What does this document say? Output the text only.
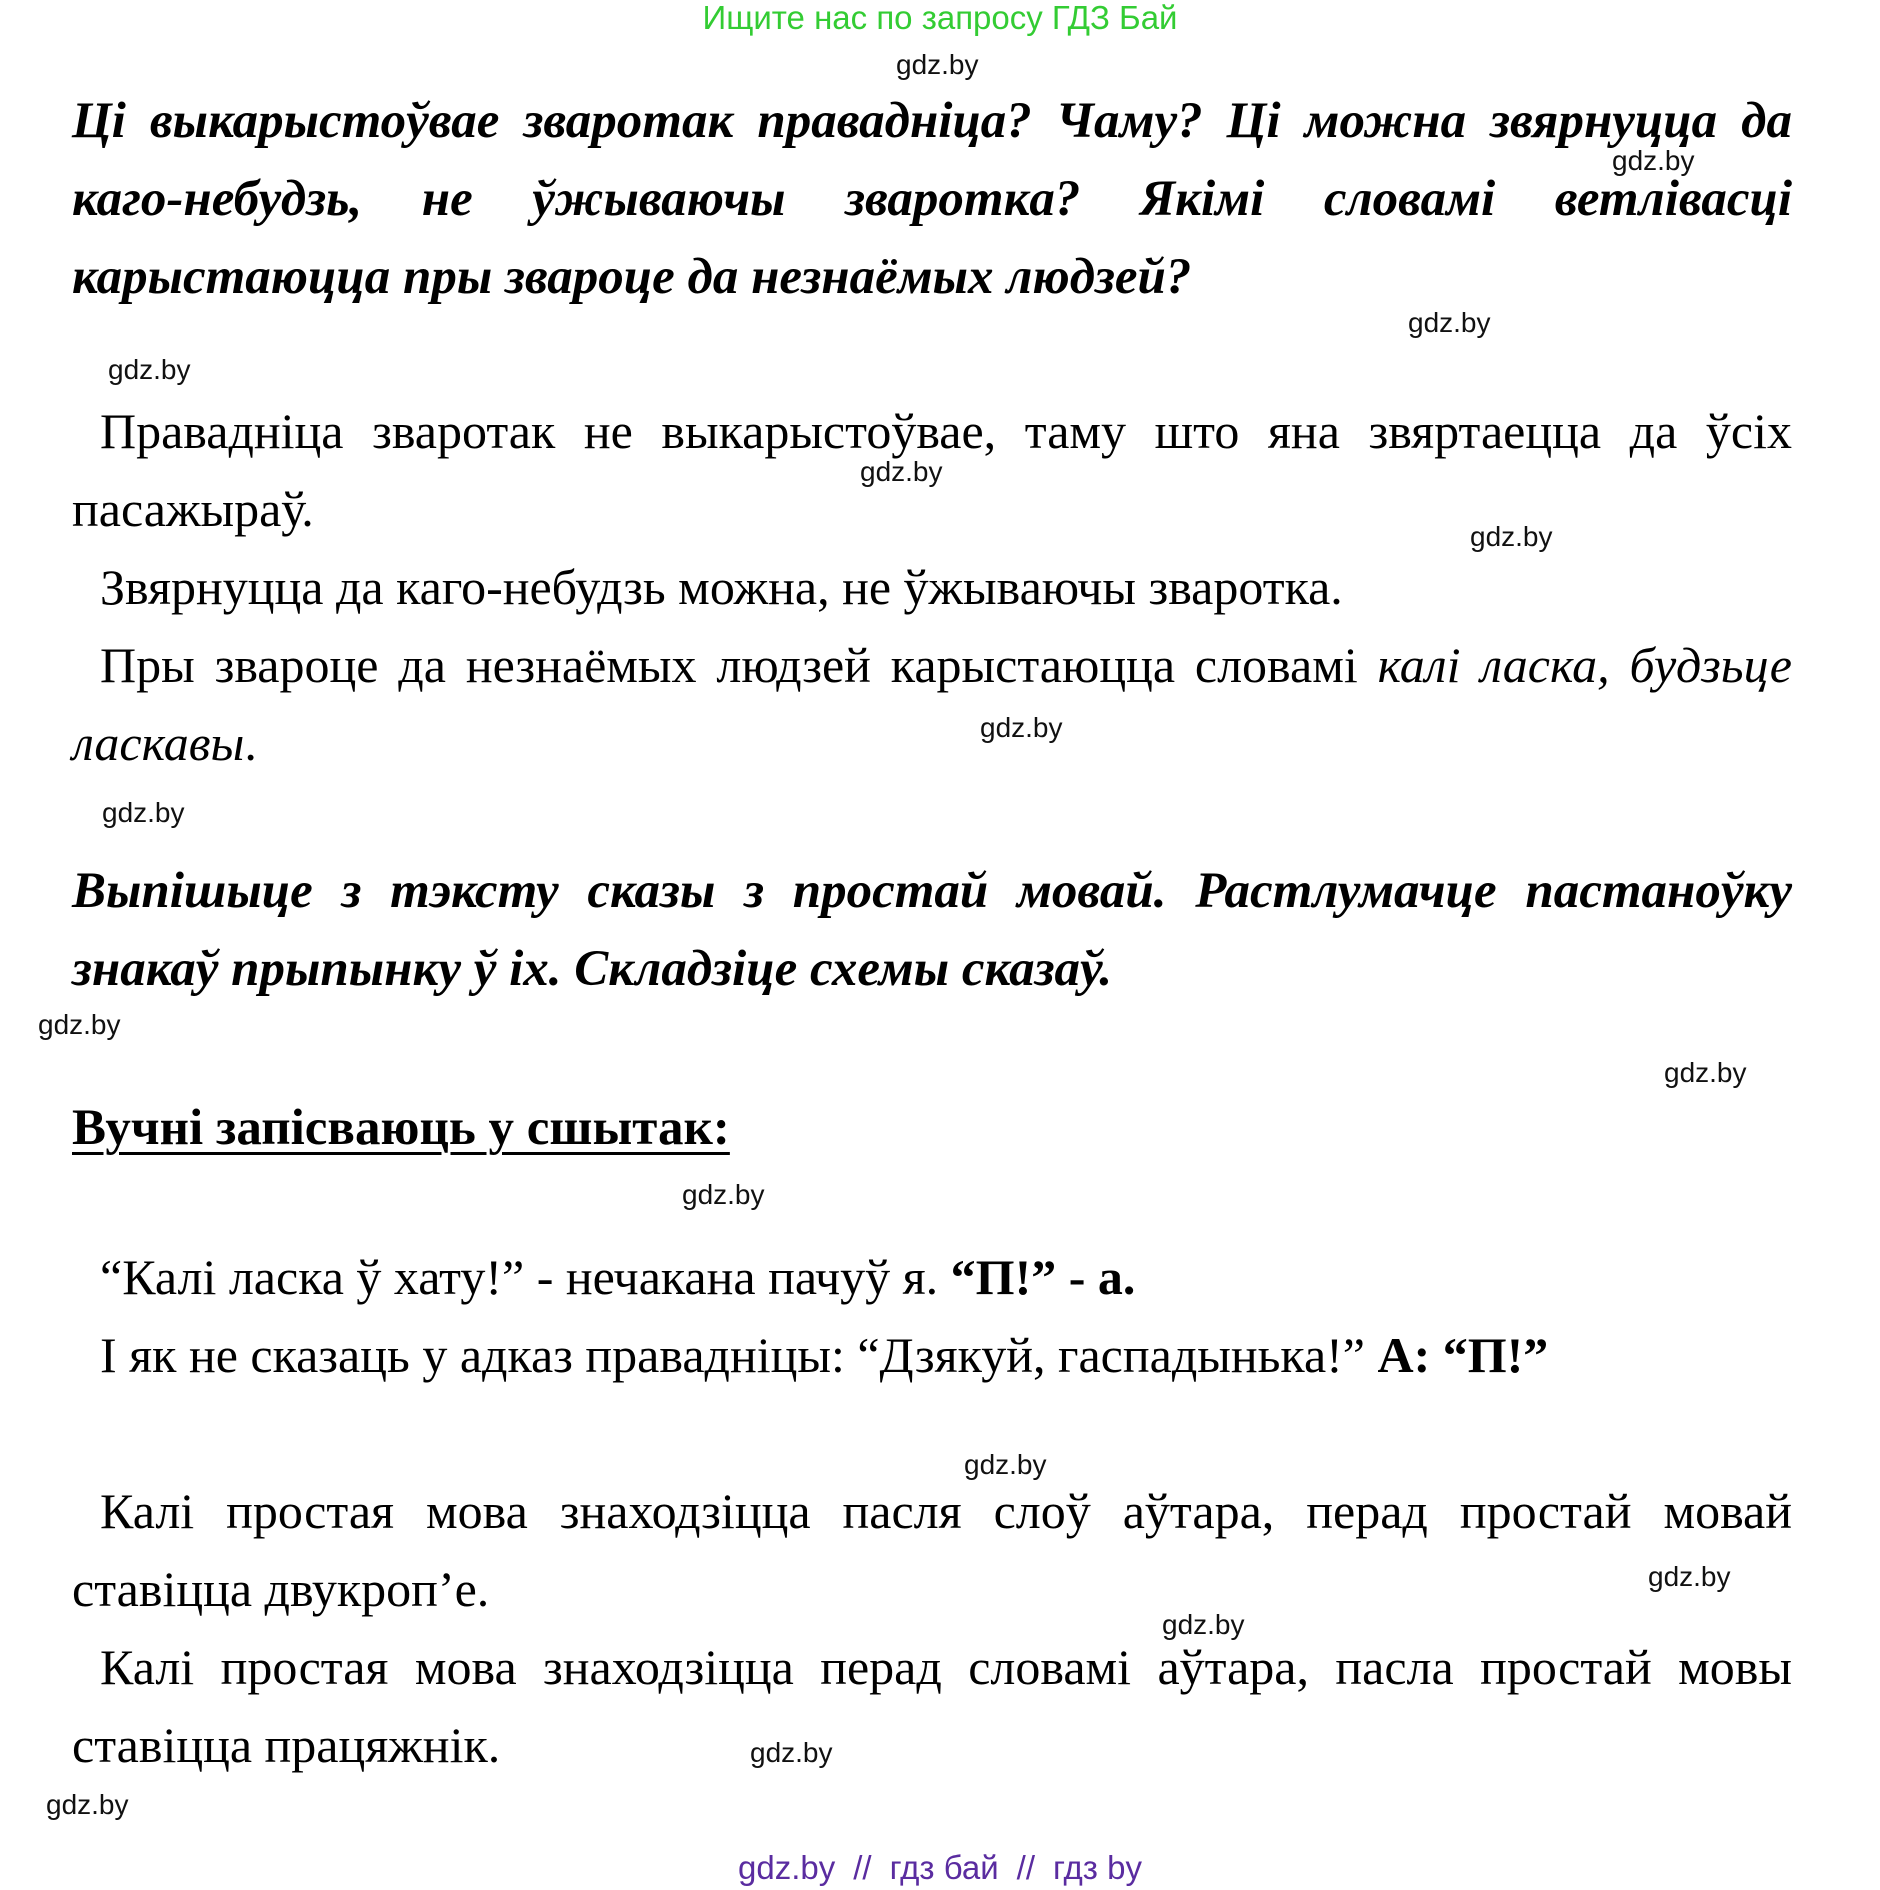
Ищите нас по запросу ГДЗ Бай
gdz.by
gdz.by
gdz.by
gdz.by
gdz.by
gdz.by
gdz.by
gdz.by
gdz.by
gdz.by
gdz.by
gdz.by
gdz.by
gdz.by
gdz.by
gdz.by
Ці выкарыстоўвае зваротак праваднiца? Чаму? Ці можна звярнуцца да каго-небудзь, не ўжываючы звароткa? Якімі словамі ветлівасці карыстаюцца пры звароце да незнаёмых людзей?
Праваднiца зваротак не выкарыстоўвае, таму што яна звяртаецца да ўсіх пасажыраў.
Звярнуцца да каго-небудзь можна, не ўжываючы зваротка.
Пры звароце да незнаёмых людзей карыстаюцца словамі калі ласка, будзьце ласкавы.
Выпішыце з тэксту сказы з простай мовай. Растлумачце пастаноўку знакаў прыпынку ў іх. Складзіце схемы сказаў.
Вучні запісваюць у сшытак:
“Калі ласка ў хату!” - нечакана пачуў я. “П!” - а.
І як не сказаць у адказ праваднiцы: “Дзякуй, гаспадынька!” А: “П!”
Калі простая мова знаходзіцца пасля слоў аўтара, перад простай мовай ставіцца двукроп’е.
Калі простая мова знаходзіцца перад словамі аўтара, пасла простай мовы ставіцца працяжнік.
gdz.by // гдз бай // гдз by
